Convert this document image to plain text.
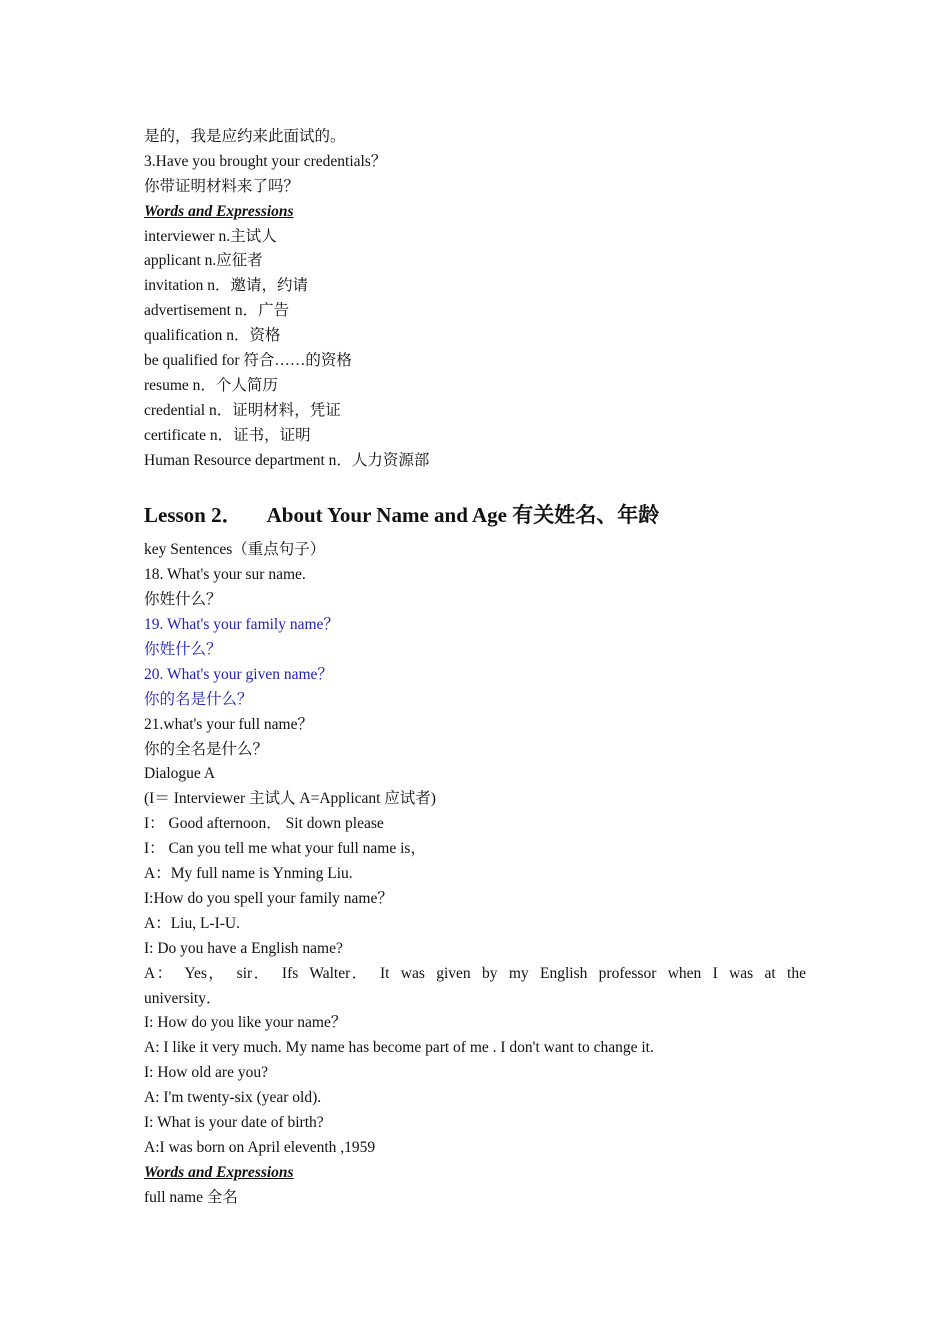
是的，我是应约来此面试的。
3.Have you brought your credentials？
你带证明材料来了吗？
Words and Expressions
interviewer n.主试人
applicant n.应征者
invitation n．邀请，约请
advertisement n．广告
qualification n．资格
be qualified for 符合……的资格
resume n．个人简历
credential n．证明材料，凭证
certificate n．证书，证明
Human Resource department n．人力资源部
Lesson 2． About Your Name and Age 有关姓名、年龄
key Sentences（重点句子）
18. What's your sur name.
你姓什么？
19. What's your family name？
你姓什么？
20. What's your given name？
你的名是什么？
21.what's your full name？
你的全名是什么？
Dialogue A
(I＝ Interviewer 主试人 A=Applicant 应试者)
I： Good afternoon． Sit down please
I： Can you tell me what your full name is，
A：My full name is Ynming Liu.
I:How do you spell your family name？
A：Liu, L-I-U.
I: Do you have a English name?
A： Yes， sir． Ifs Walter． It was given by my English professor when I was at the university．
I: How do you like your name？
A: I like it very much. My name has become part of me . I don't want to change it.
I: How old are you?
A: I'm twenty-six (year old).
I: What is your date of birth?
A:I was born on April eleventh ,1959
Words and Expressions
full name 全名
